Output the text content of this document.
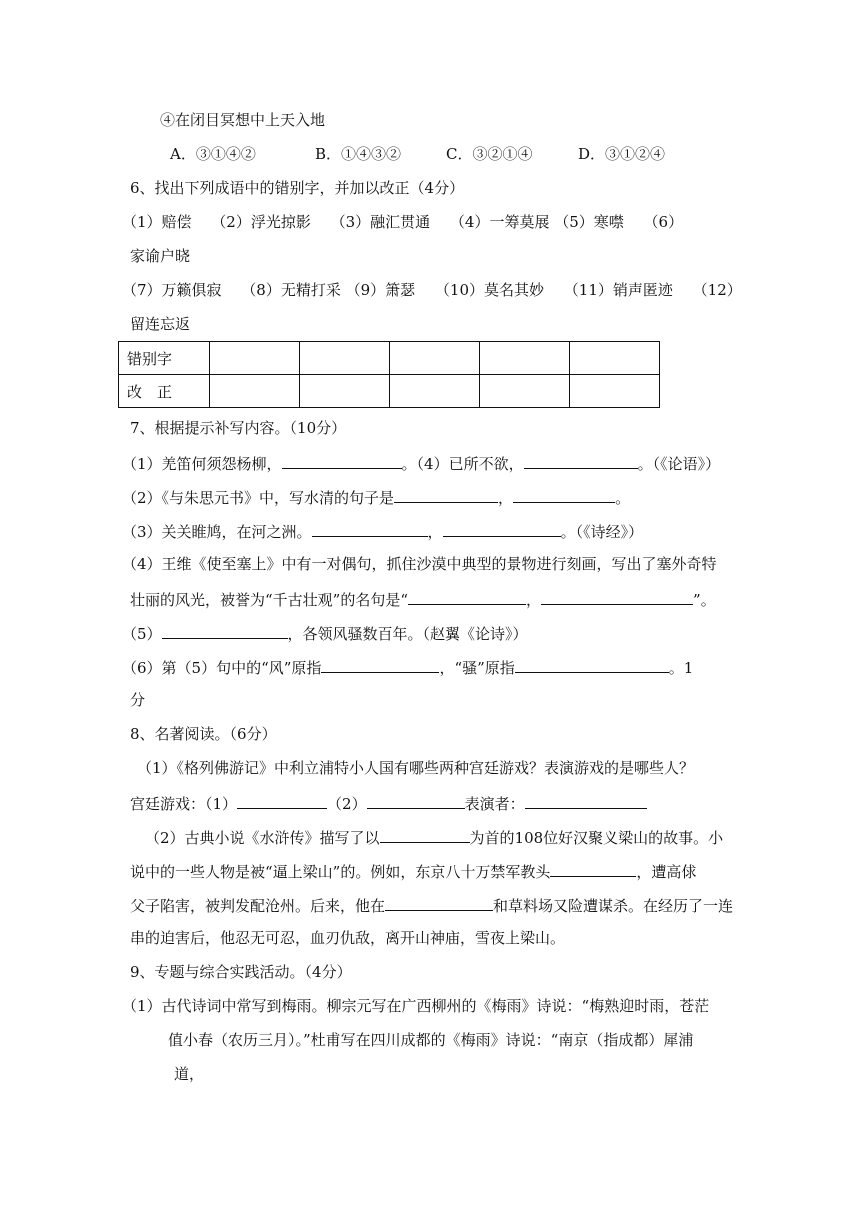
④在闭目冥想中上天入地
A．③①④②	B．①④③②	C．③②①④	D．③①②④
6、找出下列成语中的错别字，并加以改正（4分）
（1）赔偿　 （2）浮光掠影　 （3）融汇贯通　 （4）一筹莫展 （5）寒噤　 （6）
家谕户晓
（7）万籁俱寂　 （8）无精打采 （9）箫瑟　 （10）莫名其妙　 （11）销声匿迹　 （12）
留连忘返
错别字					
改　正					
7、根据提示补写内容。（10分）
（1）羌笛何须怨杨柳，	。（4）已所不欲，	。（《论语》）
（2）《与朱思元书》中，写水清的句子是	，	。
（3）关关睢鸠，在河之洲。	，	。（《诗经》）
（4）王维《使至塞上》中有一对偶句，抓住沙漠中典型的景物进行刻画，写出了塞外奇特
壮丽的风光，被誉为“千古壮观”的名句是“	，	”。
（5）	，各领风骚数百年。（赵翼《论诗》）
（6）第（5）句中的“风”原指	，“骚”原指	。1
分
8、名著阅读。（6分）
（1）《格列佛游记》中利立浦特小人国有哪些两种宫廷游戏？表演游戏的是哪些人？
宫廷游戏：（1）	（2）	表演者：
（2）古典小说《水浒传》描写了以	为首的108位好汉聚义梁山的故事。小
说中的一些人物是被“逼上梁山”的。例如，东京八十万禁军教头	，遭高俅
父子陷害，被判发配沧州。后来，他在	和草料场又险遭谋杀。在经历了一连
串的迫害后，他忍无可忍，血刃仇敌，离开山神庙，雪夜上梁山。
9、专题与综合实践活动。（4分）
（1）古代诗词中常写到梅雨。柳宗元写在广西柳州的《梅雨》诗说：“梅熟迎时雨，苍茫
值小春（农历三月）。”杜甫写在四川成都的《梅雨》诗说：“南京（指成都）犀浦
道，
